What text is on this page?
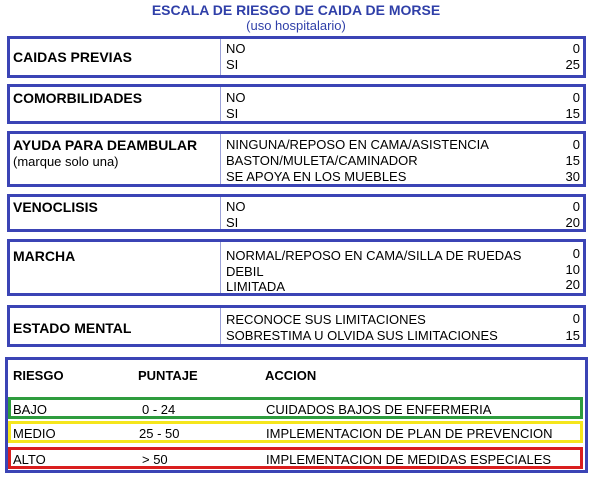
ESCALA DE RIESGO DE CAIDA DE MORSE
(uso hospitalario)
CAIDAS PREVIAS
NO	0
SI	25
COMORBILIDADES	NO	0
SI	15
AYUDA PARA DEAMBULAR
(marque solo una)
NINGUNA/REPOSO EN CAMA/ASISTENCIA	0
BASTON/MULETA/CAMINADOR	15
SE APOYA EN LOS MUEBLES	30
VENOCLISIS	NO	0
SI	20
MARCHA	NORMAL/REPOSO EN CAMA/SILLA DE RUEDAS	0
DEBIL	10
LIMITADA	20
ESTADO MENTAL
RECONOCE SUS LIMITACIONES	0
SOBRESTIMA U OLVIDA SUS LIMITACIONES	15
RIESGO	PUNTAJE	ACCION
BAJO	0 - 24	CUIDADOS BAJOS DE ENFERMERIA
MEDIO	25 - 50	IMPLEMENTACION DE PLAN DE PREVENCION
ALTO	> 50	IMPLEMENTACION DE MEDIDAS ESPECIALES
